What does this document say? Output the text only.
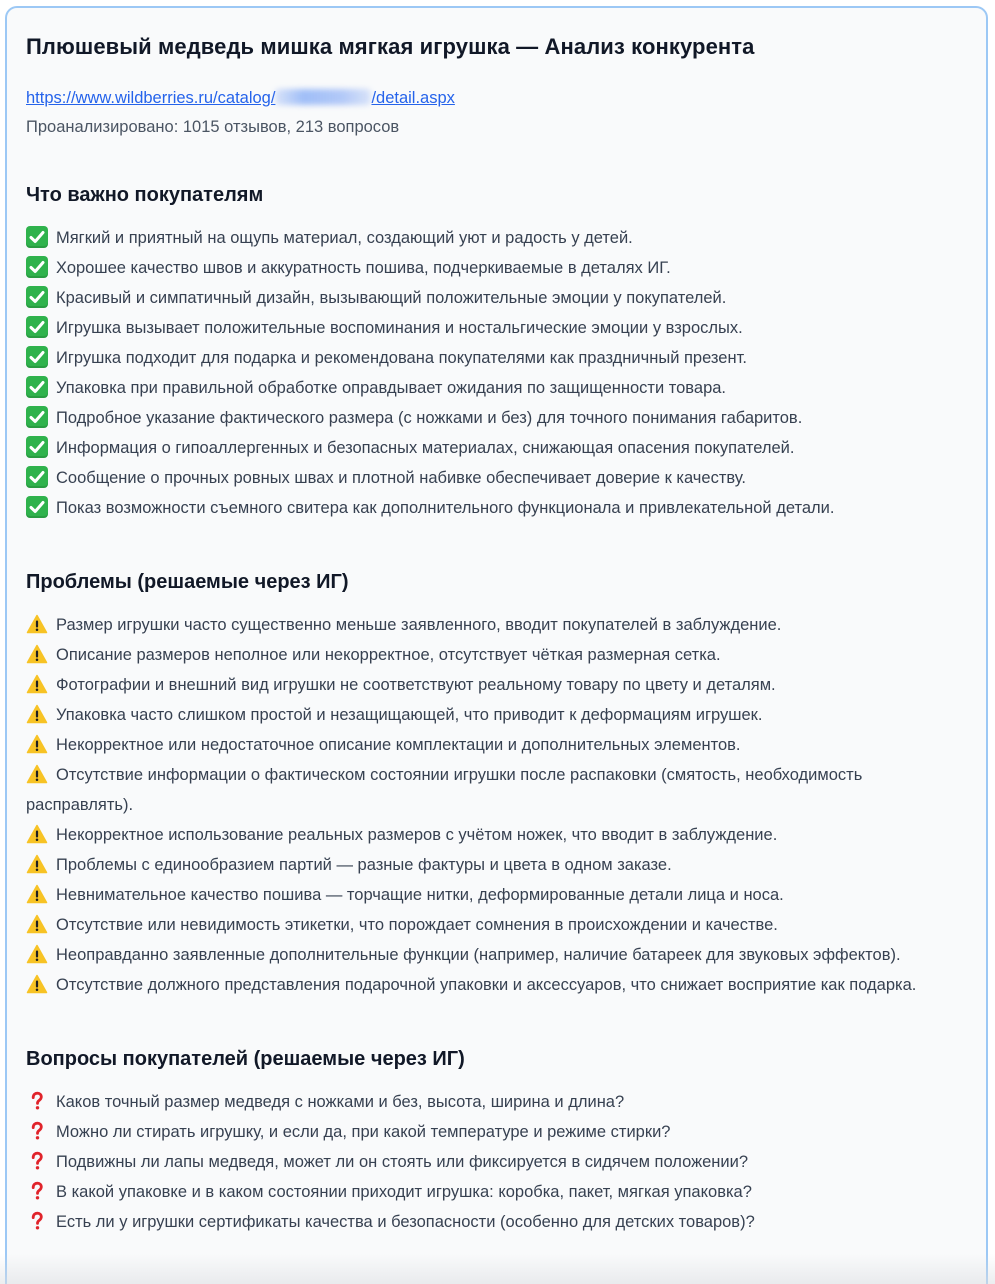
Плюшевый медведь мишка мягкая игрушка — Анализ конкурента
https://www.wildberries.ru/catalog/	/detail.aspx
Проанализировано: 1015 отзывов, 213 вопросов
Что важно покупателям
Мягкий и приятный на ощупь материал, создающий уют и радость у детей.
Хорошее качество швов и аккуратность пошива, подчеркиваемые в деталях ИГ.
Красивый и симпатичный дизайн, вызывающий положительные эмоции у покупателей.
Игрушка вызывает положительные воспоминания и ностальгические эмоции у взрослых.
Игрушка подходит для подарка и рекомендована покупателями как праздничный презент.
Упаковка при правильной обработке оправдывает ожидания по защищенности товара.
Подробное указание фактического размера (с ножками и без) для точного понимания габаритов.
Информация о гипоаллергенных и безопасных материалах, снижающая опасения покупателей.
Сообщение о прочных ровных швах и плотной набивке обеспечивает доверие к качеству.
Показ возможности съемного свитера как дополнительного функционала и привлекательной детали.
Проблемы (решаемые через ИГ)
Размер игрушки часто существенно меньше заявленного, вводит покупателей в заблуждение.
Описание размеров неполное или некорректное, отсутствует чёткая размерная сетка.
Фотографии и внешний вид игрушки не соответствуют реальному товару по цвету и деталям.
Упаковка часто слишком простой и незащищающей, что приводит к деформациям игрушек.
Некорректное или недостаточное описание комплектации и дополнительных элементов.
Отсутствие информации о фактическом состоянии игрушки после распаковки (смятость, необходимость расправлять).
Некорректное использование реальных размеров с учётом ножек, что вводит в заблуждение.
Проблемы с единообразием партий — разные фактуры и цвета в одном заказе.
Невнимательное качество пошива — торчащие нитки, деформированные детали лица и носа.
Отсутствие или невидимость этикетки, что порождает сомнения в происхождении и качестве.
Неоправданно заявленные дополнительные функции (например, наличие батареек для звуковых эффектов).
Отсутствие должного представления подарочной упаковки и аксессуаров, что снижает восприятие как подарка.
Вопросы покупателей (решаемые через ИГ)
Каков точный размер медведя с ножками и без, высота, ширина и длина?
Можно ли стирать игрушку, и если да, при какой температуре и режиме стирки?
Подвижны ли лапы медведя, может ли он стоять или фиксируется в сидячем положении?
В какой упаковке и в каком состоянии приходит игрушка: коробка, пакет, мягкая упаковка?
Есть ли у игрушки сертификаты качества и безопасности (особенно для детских товаров)?
